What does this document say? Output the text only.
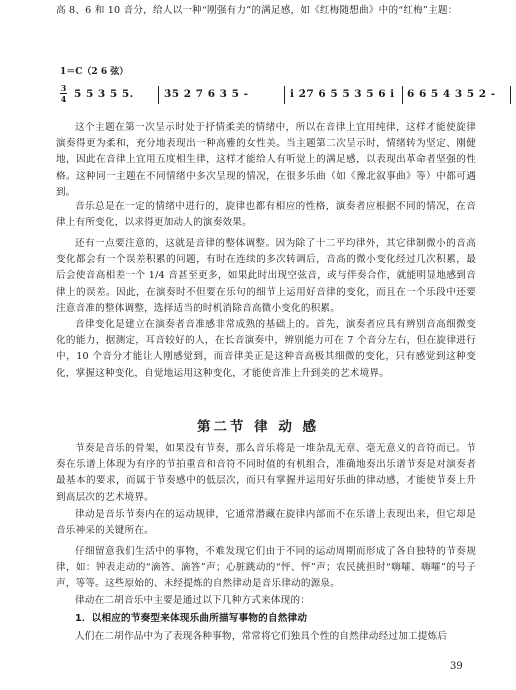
高 8、6 和 10 音分，给人以一种“刚强有力”的满足感，如《红梅随想曲》中的“红梅”主题：
1＝C（2 6 弦）
3
4 5 5 3 5 5.	3̇5 2 7 6 3 5 -	i 2̇7 6 5 5 3 5 6 i 6 6 5 4 3 5 2 -
这个主题在第一次呈示时处于抒情柔美的情绪中，所以在音律上宜用纯律，这样才能使旋律演奏得更为柔和，充分地表现出一种高雅的女性美。当主题第二次呈示时，情绪转为坚定、刚健地，因此在音律上宜用五度相生律，这样才能给人有听觉上的满足感，以表现出革命者坚强的性格。这种同一主题在不同情绪中多次呈现的情况，在很多乐曲（如《豫北叙事曲》等）中都可遇到。
音乐总是在一定的情绪中进行的，旋律也都有相应的性格，演奏者应根据不同的情况，在音律上有所变化，以求得更加动人的演奏效果。
还有一点要注意的，这就是音律的整体调整。因为除了十二平均律外，其它律制微小的音高变化都会有一个误差积累的问题，有时在连续的多次转调后，音高的微小变化经过几次积累，最后会使音高相差一个 1/4 音甚至更多，如果此时出现空弦音，或与伴奏合作，就能明显地感到音律上的误差。因此，在演奏时不但要在乐句的细节上运用好音律的变化，而且在一个乐段中还要注意音准的整体调整，选择适当的时机消除音高微小变化的积累。
音律变化是建立在演奏者音准感非常成熟的基础上的。首先，演奏者应具有辨别音高细微变化的能力，据测定，耳音较好的人，在长音演奏中，辨别能力可在 7 个音分左右，但在旋律进行中，10 个音分才能让人刚感觉到，而音律美正是这种音高极其细微的变化，只有感觉到这种变化，掌握这种变化，自觉地运用这种变化，才能使音准上升到美的艺术境界。
第二节 律 动 感
节奏是音乐的骨架，如果没有节奏，那么音乐将是一堆杂乱无章、毫无意义的音符而已。节奏在乐谱上体现为有序的节拍重音和音符不同时值的有机组合，准确地奏出乐谱节奏是对演奏者最基本的要求，而属于节奏感中的低层次，而只有掌握并运用好乐曲的律动感，才能使节奏上升到高层次的艺术境界。
律动是音乐节奏内在的运动规律，它通常潜藏在旋律内部而不在乐谱上表现出来，但它却是音乐神采的关键所在。
仔细留意我们生活中的事物，不难发现它们由于不同的运动周期而形成了各自独特的节奏规律，如：钟表走动的“滴答、滴答”声；心脏跳动的“怦、怦”声；农民挑担时“嗨嚯、嗨嚯”的号子声，等等。这些原始的、未经提炼的自然律动是音乐律动的源泉。
律动在二胡音乐中主要是通过以下几种方式来体现的：
1．以相应的节奏型来体现乐曲所描写事物的自然律动
人们在二胡作品中为了表现各种事物，常常将它们独具个性的自然律动经过加工提炼后
39
